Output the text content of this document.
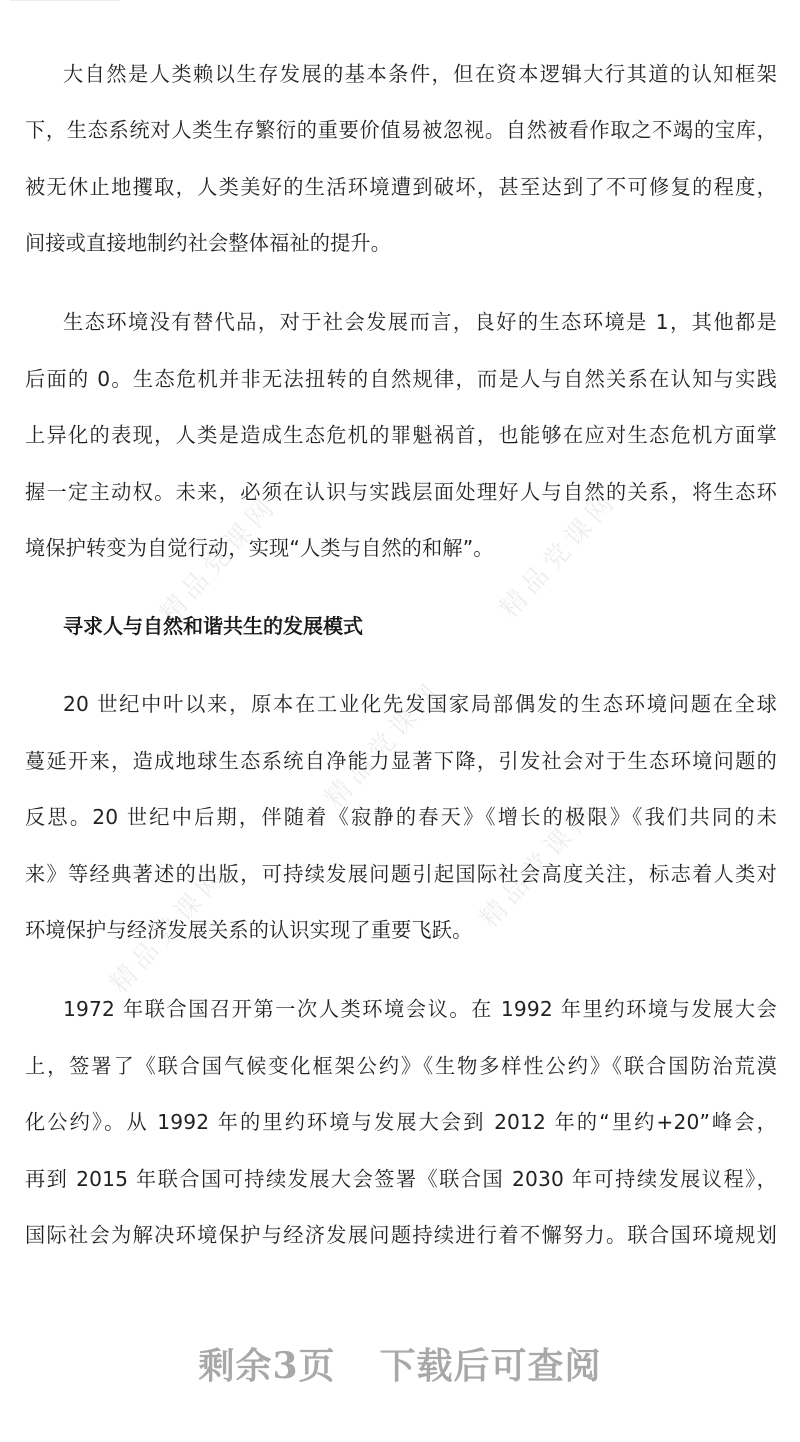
精品党课网	精品党课网
精品党课网
精品党课网	精品党课网
大自然是人类赖以生存发展的基本条件，但在资本逻辑大行其道的认知框架
下，生态系统对人类生存繁衍的重要价值易被忽视。自然被看作取之不竭的宝库，
被无休止地攫取，人类美好的生活环境遭到破坏，甚至达到了不可修复的程度，
间接或直接地制约社会整体福祉的提升。
生态环境没有替代品，对于社会发展而言，良好的生态环境是 1，其他都是
后面的 0。生态危机并非无法扭转的自然规律，而是人与自然关系在认知与实践
上异化的表现，人类是造成生态危机的罪魁祸首，也能够在应对生态危机方面掌
握一定主动权。未来，必须在认识与实践层面处理好人与自然的关系，将生态环
境保护转变为自觉行动，实现“人类与自然的和解”。
寻求人与自然和谐共生的发展模式
20 世纪中叶以来，原本在工业化先发国家局部偶发的生态环境问题在全球
蔓延开来，造成地球生态系统自净能力显著下降，引发社会对于生态环境问题的
反思。20 世纪中后期，伴随着《寂静的春天》《增长的极限》《我们共同的未
来》等经典著述的出版，可持续发展问题引起国际社会高度关注，标志着人类对
环境保护与经济发展关系的认识实现了重要飞跃。
1972 年联合国召开第一次人类环境会议。在 1992 年里约环境与发展大会
上，签署了《联合国气候变化框架公约》《生物多样性公约》《联合国防治荒漠
化公约》。从 1992 年的里约环境与发展大会到 2012 年的“里约+20”峰会，
再到 2015 年联合国可持续发展大会签署《联合国 2030 年可持续发展议程》，
国际社会为解决环境保护与经济发展问题持续进行着不懈努力。联合国环境规划
剩余3页 下载后可查阅
